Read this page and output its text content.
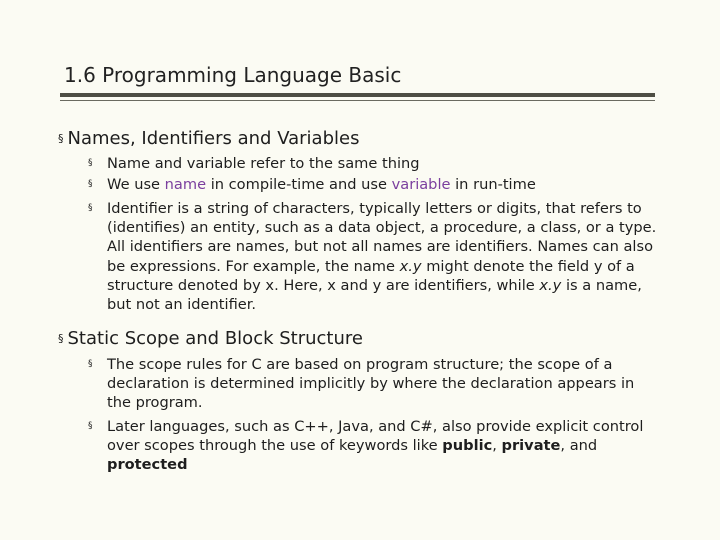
1.6 Programming Language Basic
§ Names, Identifiers and Variables
§ Name and variable refer to the same thing
§ We use name in compile-time and use variable in run-time
§ Identifier is a string of characters, typically letters or digits, that refers to (identifies) an entity, such as a data object, a procedure, a class, or a type. All identifiers are names, but not all names are identifiers. Names can also be expressions. For example, the name x.y might denote the field y of a structure denoted by x. Here, x and y are identifiers, while x.y is a name, but not an identifier.
§ Static Scope and Block Structure
§ The scope rules for C are based on program structure; the scope of a declaration is determined implicitly by where the declaration appears in the program.
§ Later languages, such as C++, Java, and C#, also provide explicit control over scopes through the use of keywords like public, private, and protected
